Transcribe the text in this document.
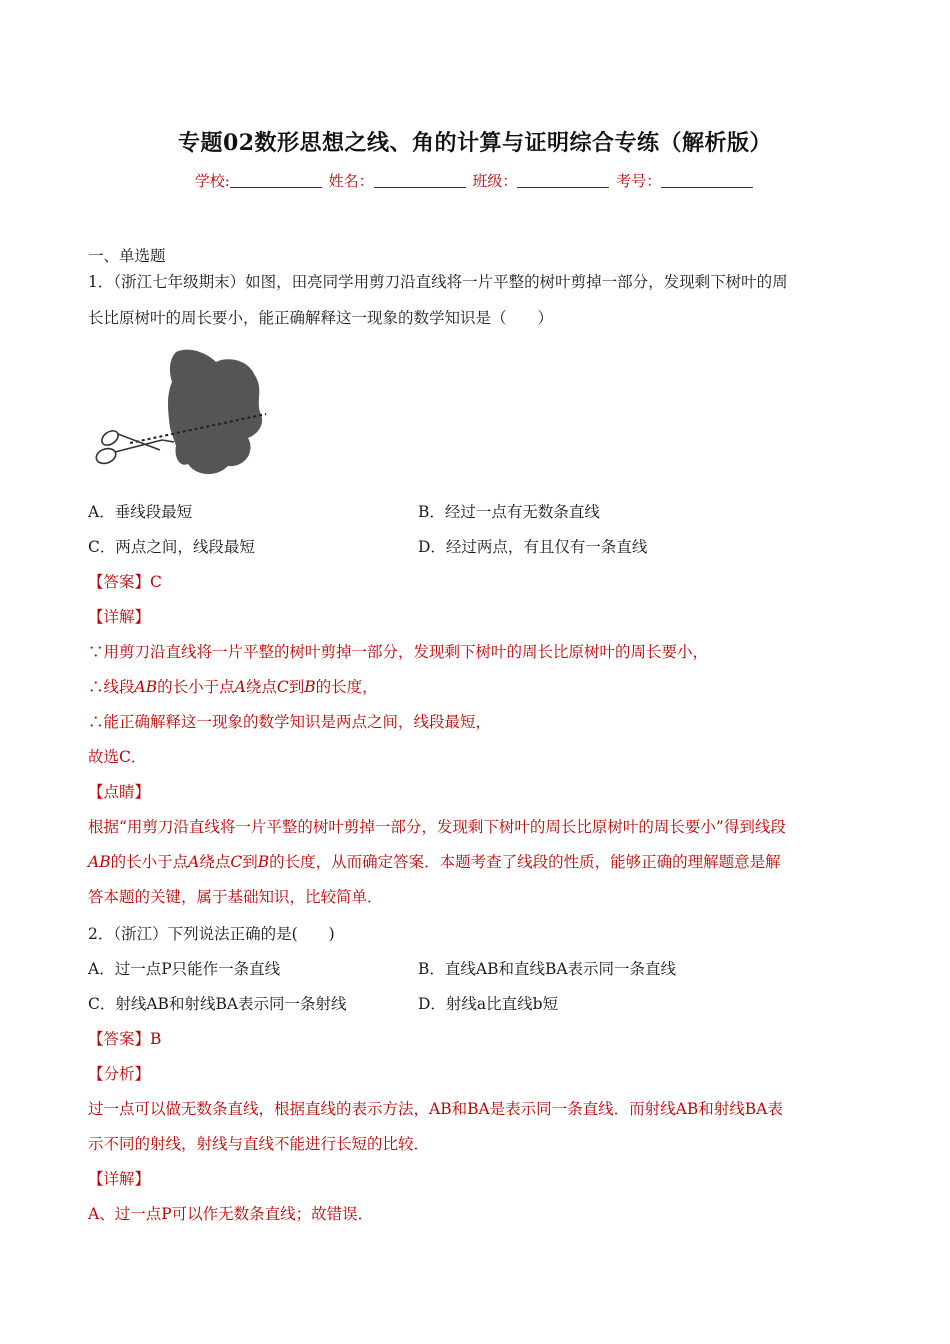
专题02数形思想之线、角的计算与证明综合专练（解析版）
学校:	姓名：	班级：	考号：
一、单选题
1．（浙江七年级期末）如图，田亮同学用剪刀沿直线将一片平整的树叶剪掉一部分，发现剩下树叶的周
长比原树叶的周长要小，能正确解释这一现象的数学知识是（　　）
A．垂线段最短	B．经过一点有无数条直线
C．两点之间，线段最短	D．经过两点，有且仅有一条直线
【答案】C
【详解】
∵用剪刀沿直线将一片平整的树叶剪掉一部分，发现剩下树叶的周长比原树叶的周长要小，
∴线段AB的长小于点A绕点C到B的长度，
∴能正确解释这一现象的数学知识是两点之间，线段最短，
故选C．
【点睛】
根据“用剪刀沿直线将一片平整的树叶剪掉一部分，发现剩下树叶的周长比原树叶的周长要小”得到线段
AB的长小于点A绕点C到B的长度，从而确定答案．本题考查了线段的性质，能够正确的理解题意是解
答本题的关键，属于基础知识，比较简单．
2．（浙江）下列说法正确的是(　　)
A．过一点P只能作一条直线	B．直线AB和直线BA表示同一条直线
C．射线AB和射线BA表示同一条射线	D．射线a比直线b短
【答案】B
【分析】
过一点可以做无数条直线，根据直线的表示方法，AB和BA是表示同一条直线．而射线AB和射线BA表
示不同的射线，射线与直线不能进行长短的比较．
【详解】
A、过一点P可以作无数条直线；故错误．
